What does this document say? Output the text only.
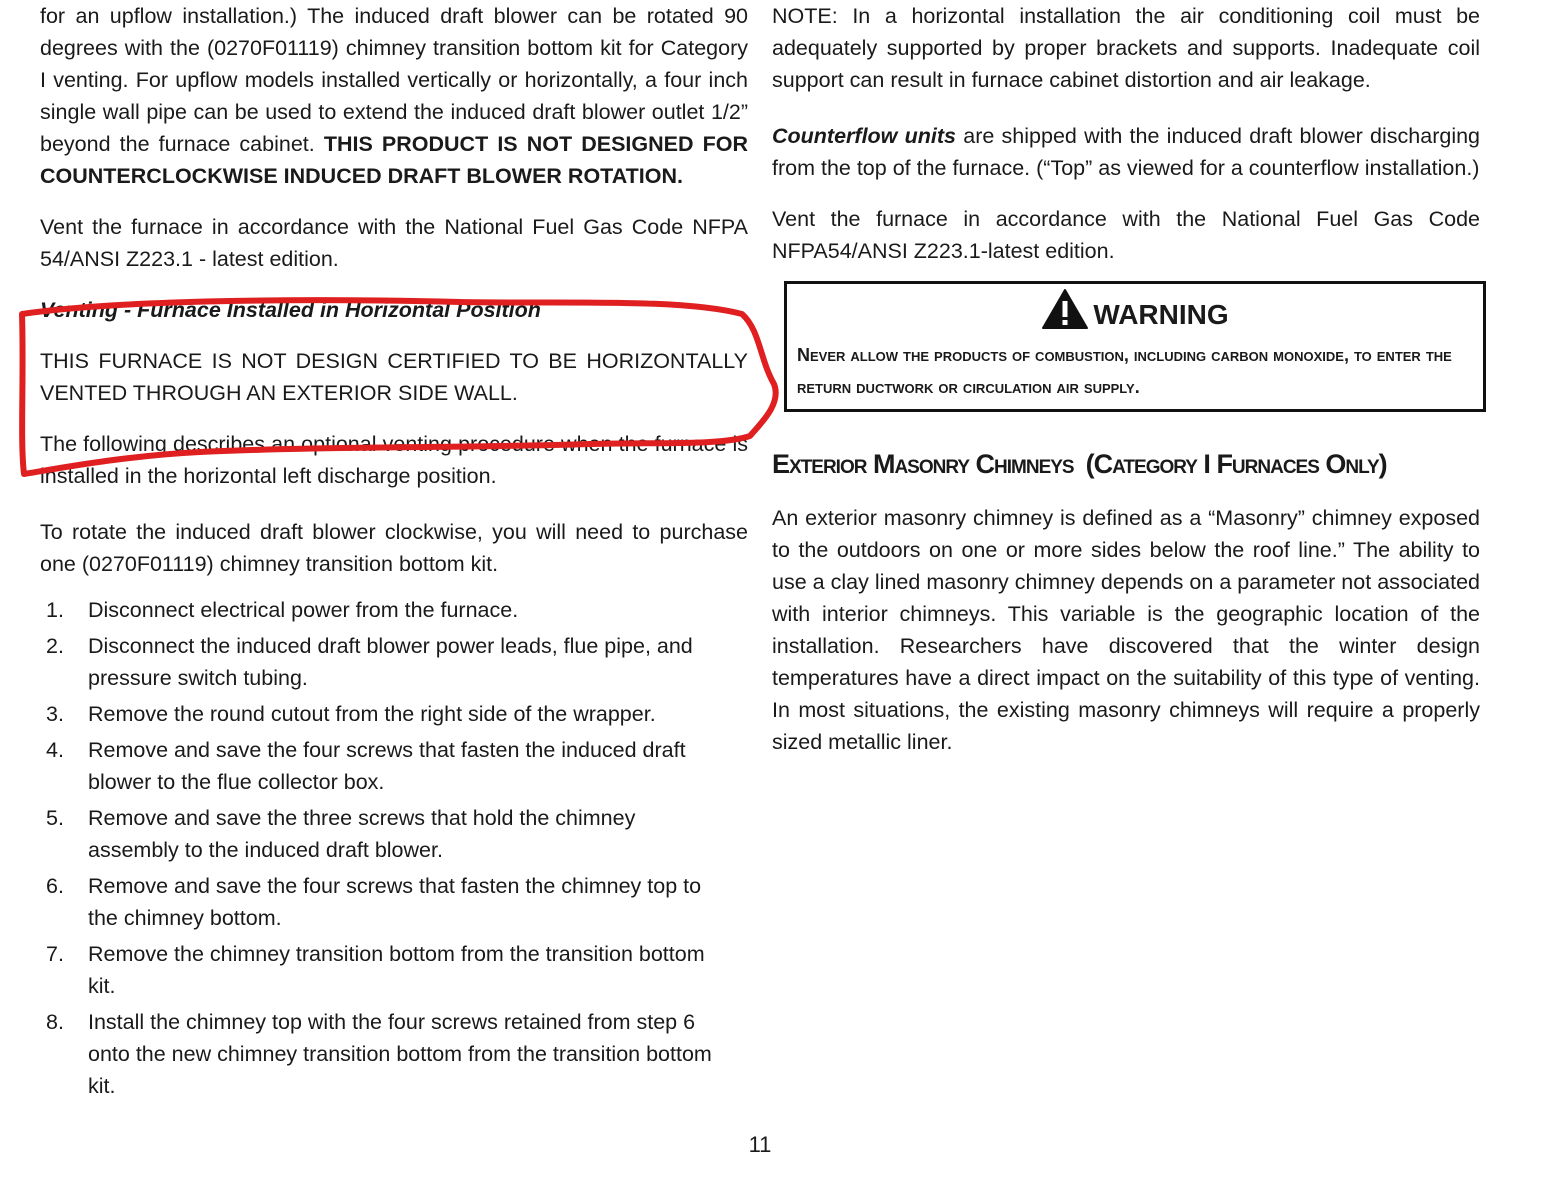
for an upflow installation.) The induced draft blower can be rotated 90 degrees with the (0270F01119) chimney transition bottom kit for Category I venting. For upflow models installed vertically or horizontally, a four inch single wall pipe can be used to extend the induced draft blower outlet 1/2” beyond the furnace cabinet. THIS PRODUCT IS NOT DESIGNED FOR COUNTERCLOCKWISE INDUCED DRAFT BLOWER ROTATION.

Vent the furnace in accordance with the National Fuel Gas Code NFPA 54/ANSI Z223.1 - latest edition.

Venting - Furnace Installed in Horizontal Position

THIS FURNACE IS NOT DESIGN CERTIFIED TO BE HORIZONTALLY VENTED THROUGH AN EXTERIOR SIDE WALL.

The following describes an optional venting procedure when the furnace is installed in the horizontal left discharge position.

To rotate the induced draft blower clockwise, you will need to purchase one (0270F01119) chimney transition bottom kit.

1. Disconnect electrical power from the furnace.
2. Disconnect the induced draft blower power leads, flue pipe, and pressure switch tubing.
3. Remove the round cutout from the right side of the wrapper.
4. Remove and save the four screws that fasten the induced draft blower to the flue collector box.
5. Remove and save the three screws that hold the chimney assembly to the induced draft blower.
6. Remove and save the four screws that fasten the chimney top to the chimney bottom.
7. Remove the chimney transition bottom from the transition bottom kit.
8. Install the chimney top with the four screws retained from step 6 onto the new chimney transition bottom from the transition bottom kit.

NOTE: In a horizontal installation the air conditioning coil must be adequately supported by proper brackets and supports. Inadequate coil support can result in furnace cabinet distortion and air leakage.

Counterflow units are shipped with the induced draft blower discharging from the top of the furnace. (“Top” as viewed for a counterflow installation.)

Vent the furnace in accordance with the National Fuel Gas Code NFPA54/ANSI Z223.1-latest edition.

WARNING
Never allow the products of combustion, including carbon monoxide, to enter the return ductwork or circulation air supply.
Exterior Masonry Chimneys (Category I Furnaces Only)

An exterior masonry chimney is defined as a “Masonry” chimney exposed to the outdoors on one or more sides below the roof line.” The ability to use a clay lined masonry chimney depends on a parameter not associated with interior chimneys. This variable is the geographic location of the installation. Researchers have discovered that the winter design temperatures have a direct impact on the suitability of this type of venting. In most situations, the existing masonry chimneys will require a properly sized metallic liner.

11
